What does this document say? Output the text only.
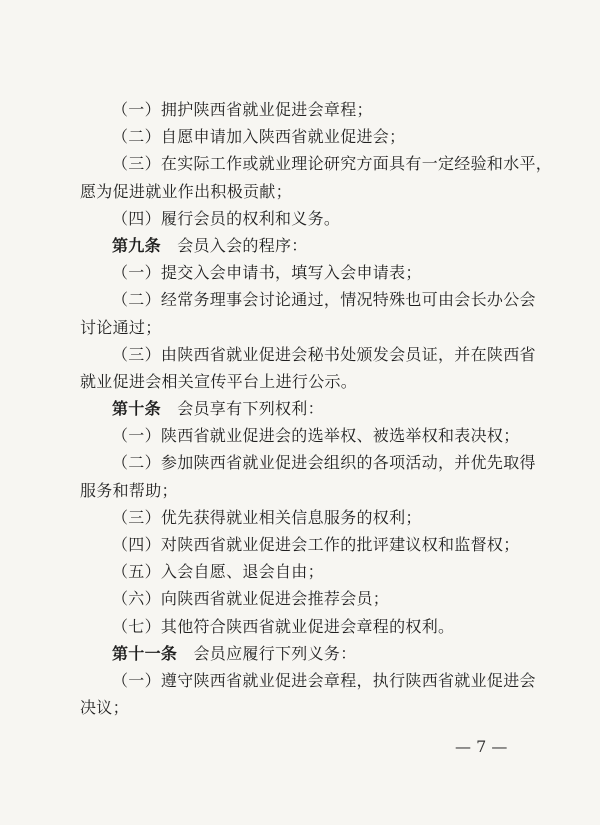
（一）拥护陕西省就业促进会章程；
（二）自愿申请加入陕西省就业促进会；
（三）在实际工作或就业理论研究方面具有一定经验和水平，
愿为促进就业作出积极贡献；
（四）履行会员的权利和义务。
第九条　会员入会的程序：
（一）提交入会申请书，填写入会申请表；
（二）经常务理事会讨论通过，情况特殊也可由会长办公会
讨论通过；
（三）由陕西省就业促进会秘书处颁发会员证，并在陕西省
就业促进会相关宣传平台上进行公示。
第十条　会员享有下列权利：
（一）陕西省就业促进会的选举权、被选举权和表决权；
（二）参加陕西省就业促进会组织的各项活动，并优先取得
服务和帮助；
（三）优先获得就业相关信息服务的权利；
（四）对陕西省就业促进会工作的批评建议权和监督权；
（五）入会自愿、退会自由；
（六）向陕西省就业促进会推荐会员；
（七）其他符合陕西省就业促进会章程的权利。
第十一条　会员应履行下列义务：
（一）遵守陕西省就业促进会章程，执行陕西省就业促进会
决议；
— 7 —
